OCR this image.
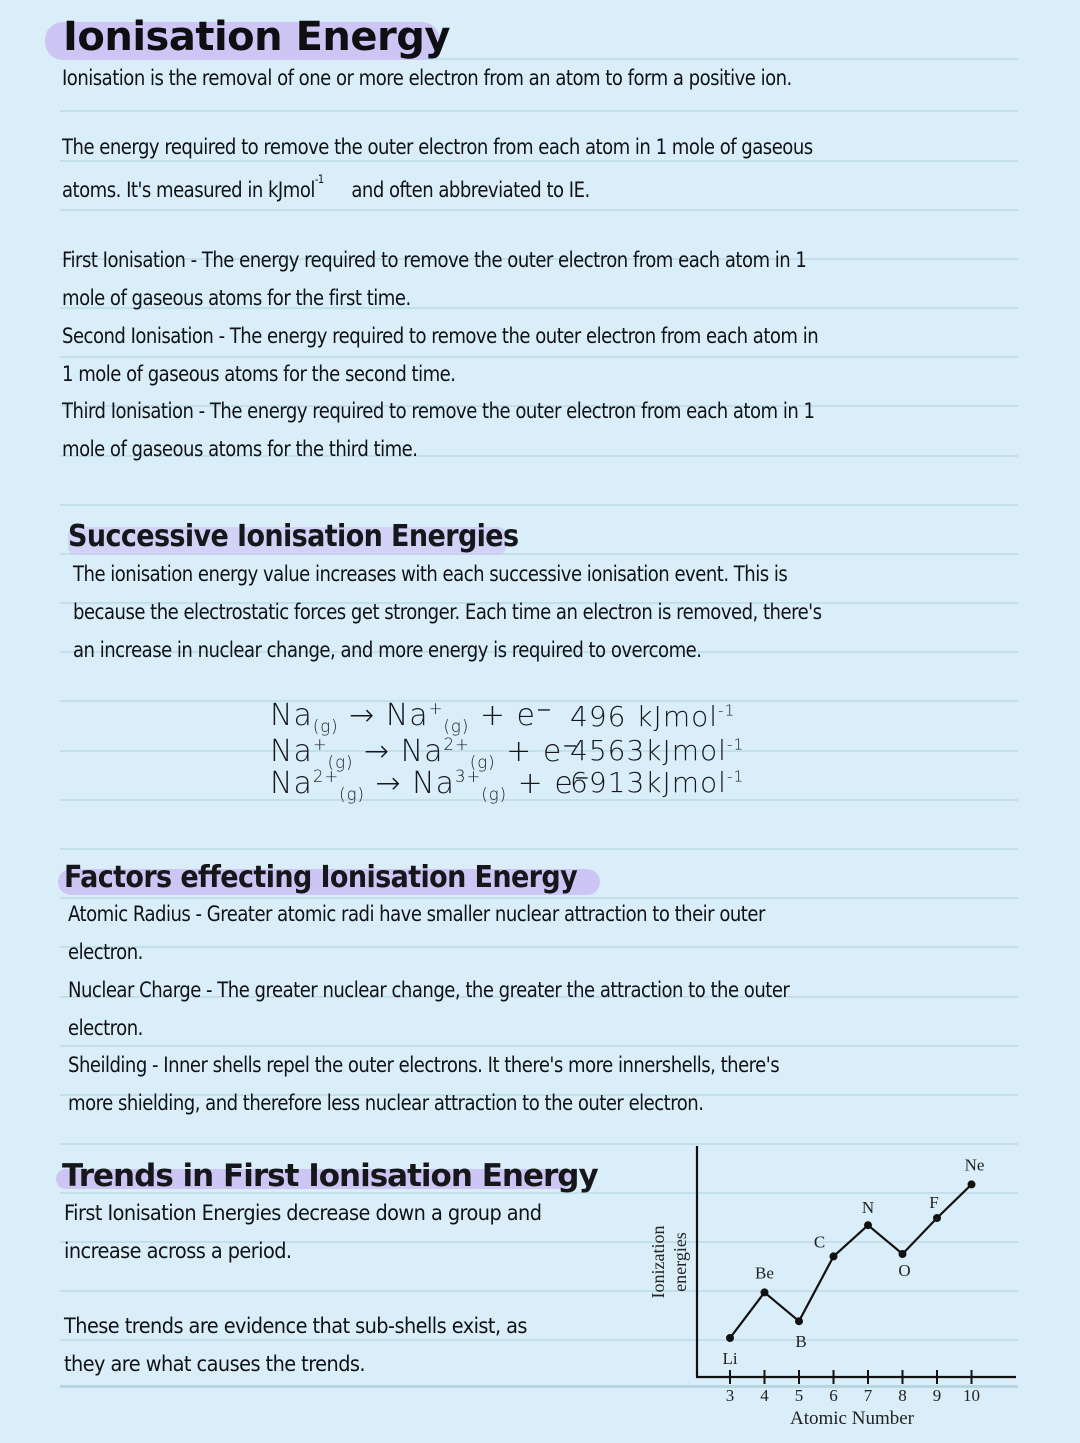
Ionisation Energy
Ionisation is the removal of one or more electron from an atom to form a positive ion.
The energy required to remove the outer electron from each atom in 1 mole of gaseous
atoms. It's measured in kJmol$^{-1}$ and often abbreviated to IE.
First Ionisation - The energy required to remove the outer electron from each atom in 1
mole of gaseous atoms for the first time.
Second Ionisation - The energy required to remove the outer electron from each atom in
1 mole of gaseous atoms for the second time.
Third Ionisation - The energy required to remove the outer electron from each atom in 1
mole of gaseous atoms for the third time.
Successive Ionisation Energies
The ionisation energy value increases with each successive ionisation event. This is
because the electrostatic forces get stronger. Each time an electron is removed, there's
an increase in nuclear change, and more energy is required to overcome.
$Na_{(g)} \to Na^+_{(g)} + e^-$
$Na^+_{(g)} \to Na^{2+}_{(g)} + e^-$
$Na^{2+}_{(g)} \to Na^{3+}_{(g)} + e^-$
496 kJmol$^{-1}$
4563kJmol$^{-1}$
6913kJmol$^{-1}$
Factors effecting Ionisation Energy
Atomic Radius - Greater atomic radi have smaller nuclear attraction to their outer
electron.
Nuclear Charge - The greater nuclear change, the greater the attraction to the outer
electron.
Sheilding - Inner shells repel the outer electrons. It there's more innershells, there's
more shielding, and therefore less nuclear attraction to the outer electron.
Trends in First Ionisation Energy
First Ionisation Energies decrease down a group and
increase across a period.
These trends are evidence that sub-shells exist, as
they are what causes the trends.
3 4 5 6 7 8 9 10
Li
Be
B
C
N
O
F
Ne
Atomic Number
Ionization energies
